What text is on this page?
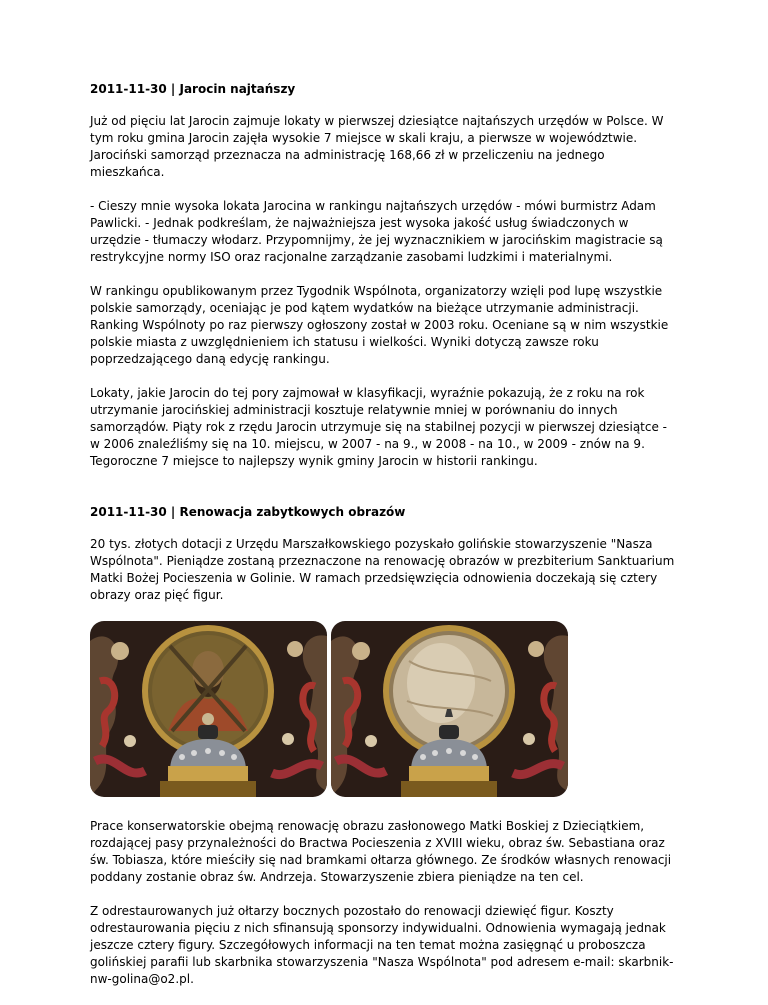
2011-11-30 | Jarocin najtańszy

Już od pięciu lat Jarocin zajmuje lokaty w pierwszej dziesiątce najtańszych urzędów w Polsce. W tym roku gmina Jarocin zajęła wysokie 7 miejsce w skali kraju, a pierwsze w województwie. Jarociński samorząd przeznacza na administrację 168,66 zł w przeliczeniu na jednego mieszkańca.

- Cieszy mnie wysoka lokata Jarocina w rankingu najtańszych urzędów - mówi burmistrz Adam Pawlicki. - Jednak podkreślam, że najważniejsza jest wysoka jakość usług świadczonych w urzędzie - tłumaczy włodarz. Przypomnijmy, że jej wyznacznikiem w jarocińskim magistracie są restrykcyjne normy ISO oraz racjonalne zarządzanie zasobami ludzkimi i materialnymi.

W rankingu opublikowanym przez Tygodnik Wspólnota, organizatorzy wzięli pod lupę wszystkie polskie samorządy, oceniając je pod kątem wydatków na bieżące utrzymanie administracji. Ranking Wspólnoty po raz pierwszy ogłoszony został w 2003 roku. Oceniane są w nim wszystkie polskie miasta z uwzględnieniem ich statusu i wielkości. Wyniki dotyczą zawsze roku poprzedzającego daną edycję rankingu.

Lokaty, jakie Jarocin do tej pory zajmował w klasyfikacji, wyraźnie pokazują, że z roku na rok utrzymanie jarocińskiej administracji kosztuje relatywnie mniej w porównaniu do innych samorządów. Piąty rok z rzędu Jarocin utrzymuje się na stabilnej pozycji w pierwszej dziesiątce - w 2006 znaleźliśmy się na 10. miejscu, w 2007 - na 9., w 2008 - na 10., w 2009 - znów na 9. Tegoroczne 7 miejsce to najlepszy wynik gminy Jarocin w historii rankingu.

2011-11-30 | Renowacja zabytkowych obrazów

20 tys. złotych dotacji z Urzędu Marszałkowskiego pozyskało golińskie stowarzyszenie "Nasza Wspólnota". Pieniądze zostaną przeznaczone na renowację obrazów w prezbiterium Sanktuarium Matki Bożej Pocieszenia w Golinie. W ramach przedsięwzięcia odnowienia doczekają się cztery obrazy oraz pięć figur.

Prace konserwatorskie obejmą renowację obrazu zasłonowego Matki Boskiej z Dzieciątkiem, rozdającej pasy przynależności do Bractwa Pocieszenia z XVIII wieku, obraz św. Sebastiana oraz św. Tobiasza, które mieściły się nad bramkami ołtarza głównego. Ze środków własnych renowacji poddany zostanie obraz św. Andrzeja. Stowarzyszenie zbiera pieniądze na ten cel.

Z odrestaurowanych już ołtarzy bocznych pozostało do renowacji dziewięć figur. Koszty odrestaurowania pięciu z nich sfinansują sponsorzy indywidualni. Odnowienia wymagają jednak jeszcze cztery figury. Szczegółowych informacji na ten temat można zasięgnąć u proboszcza golińskiej parafii lub skarbnika stowarzyszenia "Nasza Wspólnota" pod adresem e-mail: skarbnik-nw-golina@o2.pl.
